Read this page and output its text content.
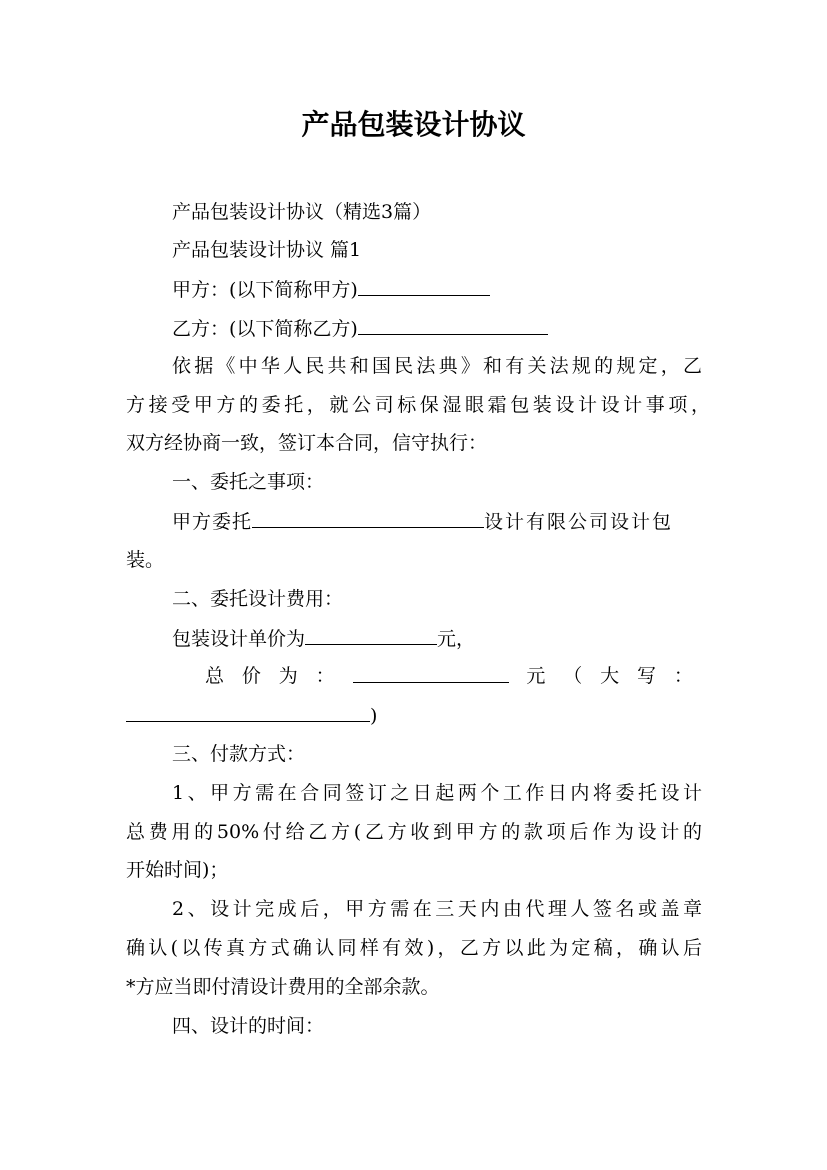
产品包装设计协议
产品包装设计协议（精选3篇）
产品包装设计协议 篇1
甲方：(以下简称甲方)
乙方：(以下简称乙方)
依据《中华人民共和国民法典》和有关法规的规定，乙
方接受甲方的委托，就公司标保湿眼霜包装设计设计事项，
双方经协商一致，签订本合同，信守执行：
一、委托之事项：
甲方委托	设计有限公司设计包
装。
二、委托设计费用：
包装设计单价为	元，
总 价 为 ：	元 （ 大 写 ：
)
三、付款方式：
1、甲方需在合同签订之日起两个工作日内将委托设计
总费用的50%付给乙方(乙方收到甲方的款项后作为设计的
开始时间)；
2、设计完成后，甲方需在三天内由代理人签名或盖章
确认(以传真方式确认同样有效)，乙方以此为定稿，确认后
*方应当即付清设计费用的全部余款。
四、设计的时间：
